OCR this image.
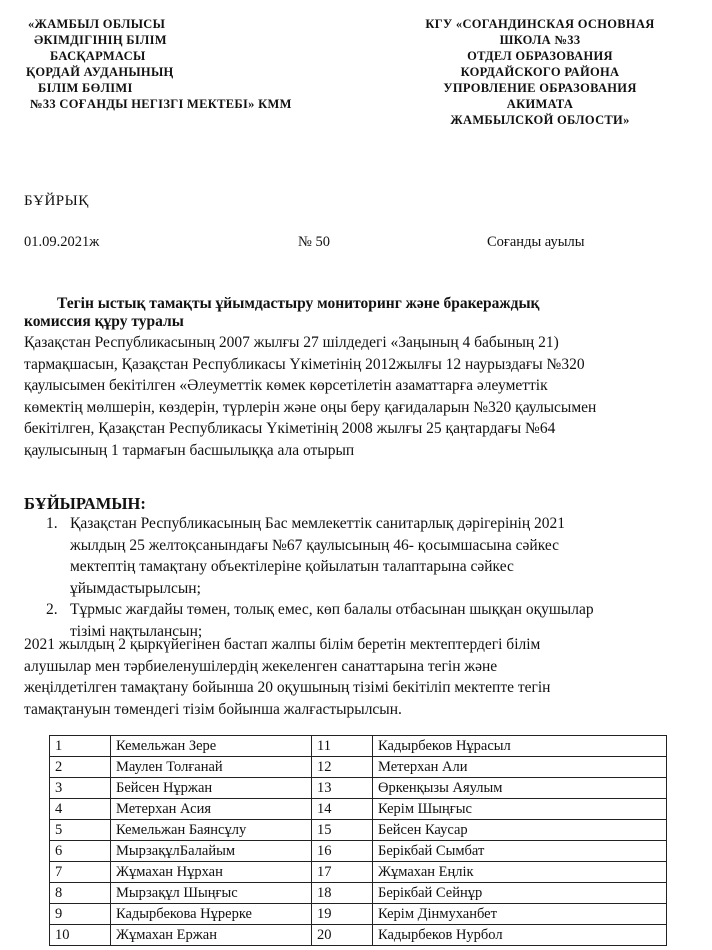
«ЖАМБЫЛ ОБЛЫСЫ
ӘКІМДІГІНІҢ БІЛІМ
БАСҚАРМАСЫ
ҚОРДАЙ АУДАНЫНЫҢ
БІЛІМ БӨЛІМІ
№33 СОҒАНДЫ НЕГІЗГІ МЕКТЕБІ» КММ
КГУ «СОГАНДИНСКАЯ ОСНОВНАЯ
ШКОЛА №33
ОТДЕЛ ОБРАЗОВАНИЯ
КОРДАЙСКОГО РАЙОНА
УПРОВЛЕНИЕ ОБРАЗОВАНИЯ
АКИМАТА
ЖАМБЫЛСКОЙ ОБЛОСТИ»
БҰЙРЫҚ
01.09.2021ж	№ 50	Соғанды ауылы
Тегін ыстық тамақты ұйымдастыру мониторинг және бракераждық
комиссия құру туралы
Қазақстан Республикасының 2007 жылғы 27 шілдедегі «Заңының 4 бабының 21)
тармақшасын, Қазақстан Республикасы Үкіметінің 2012жылғы 12 наурыздағы №320
қаулысымен бекітілген «Әлеуметтік көмек көрсетілетін азаматтарға әлеуметтік
көмектің мөлшерін, көздерін, түрлерін және оңы беру қағидаларын №320 қаулысымен
бекітілген, Қазақстан Республикасы Үкіметінің 2008 жылғы 25 қаңтардағы №64
қаулысының 1 тармағын басшылыққа ала отырып
БҰЙЫРАМЫН:
1. Қазақстан Республикасының Бас мемлекеттік санитарлық дәрігерінің 2021
жылдың 25 желтоқсанындағы №67 қаулысының 46- қосымшасына сәйкес
мектептің тамақтану объектілеріне қойылатын талаптарына сәйкес
ұйымдастырылсын;
2. Тұрмыс жағдайы төмен, толық емес, көп балалы отбасынан шыққан оқушылар
тізімі нақтылансын;
2021 жылдың 2 қыркүйегінен бастап жалпы білім беретін мектептердегі білім
алушылар мен тәрбиеленушілердің жекеленген санаттарына тегін және
жеңілдетілген тамақтану бойынша 20 оқушының тізімі бекітіліп мектепте тегін
тамақтануын төмендегі тізім бойынша жалғастырылсын.
1	Кемельжан Зере	11	Кадырбеков Нұрасыл
2	Маулен Толғанай	12	Метерхан Али
3	Бейсен Нұржан	13	Өркенқызы Аяулым
4	Метерхан Асия	14	Керім Шыңғыс
5	Кемельжан Баянсұлу	15	Бейсен Каусар
6	МырзақұлБалайым	16	Берікбай Сымбат
7	Жұмахан Нұрхан	17	Жұмахан Еңлік
8	Мырзақұл Шыңғыс	18	Берікбай Сейнұр
9	Кадырбекова Нұрерке	19	Керім Дінмуханбет
10	Жұмахан Ержан	20	Кадырбеков Нурбол
